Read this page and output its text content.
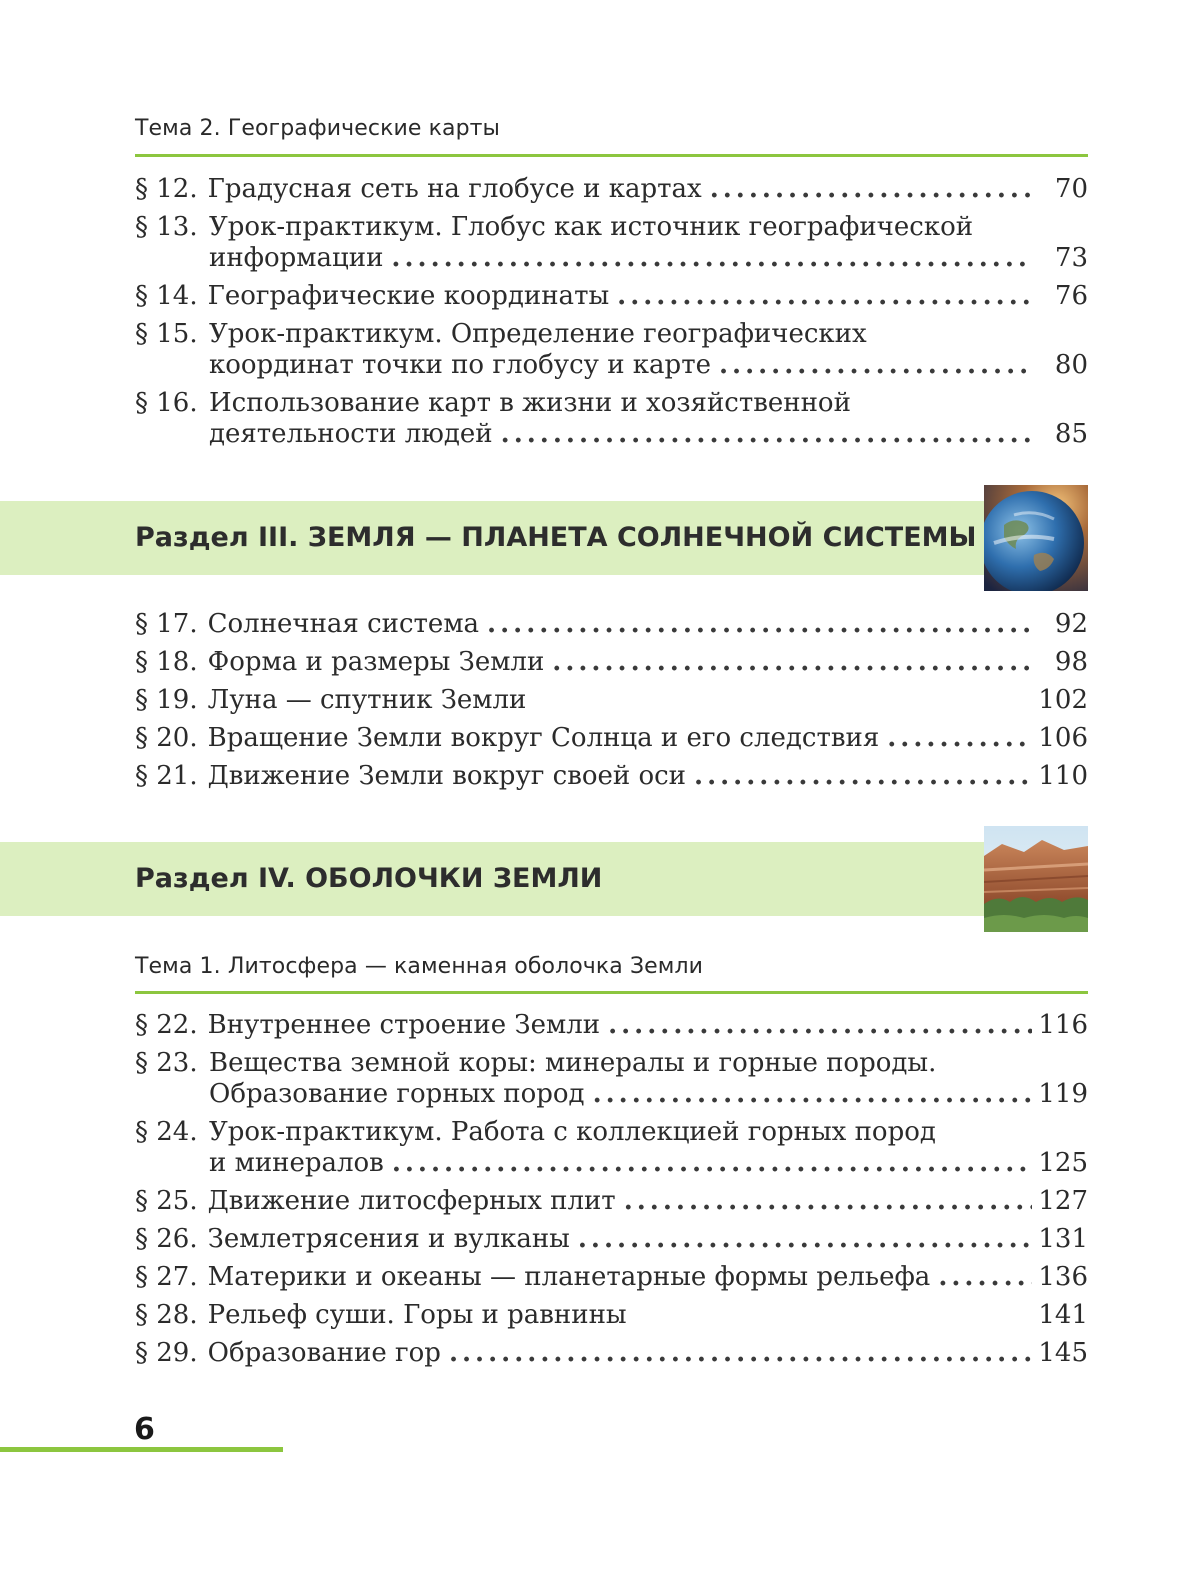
Тема 2. Географические карты
§ 12. Градусная сеть на глобусе и картах .....	70
§ 13. Урок-практикум. Глобус как источник географической
информации .....	73
§ 14. Географические координаты .....	76
§ 15. Урок-практикум. Определение географических
координат точки по глобусу и карте .....	80
§ 16. Использование карт в жизни и хозяйственной
деятельности людей .....	85
Раздел III. ЗЕМЛЯ — ПЛАНЕТА СОЛНЕЧНОЙ СИСТЕМЫ
§ 17. Солнечная система .....	92
§ 18. Форма и размеры Земли .....	98
§ 19. Луна — спутник Земли	102
§ 20. Вращение Земли вокруг Солнца и его следствия .....	106
§ 21. Движение Земли вокруг своей оси .....	110
Раздел IV. ОБОЛОЧКИ ЗЕМЛИ
Тема 1. Литосфера — каменная оболочка Земли
§ 22. Внутреннее строение Земли .....	116
§ 23. Вещества земной коры: минералы и горные породы.
Образование горных пород .....	119
§ 24. Урок-практикум. Работа с коллекцией горных пород
и минералов .....	125
§ 25. Движение литосферных плит .....	127
§ 26. Землетрясения и вулканы .....	131
§ 27. Материки и океаны — планетарные формы рельефа .....	136
§ 28. Рельеф суши. Горы и равнины	141
§ 29. Образование гор .....	145
6
